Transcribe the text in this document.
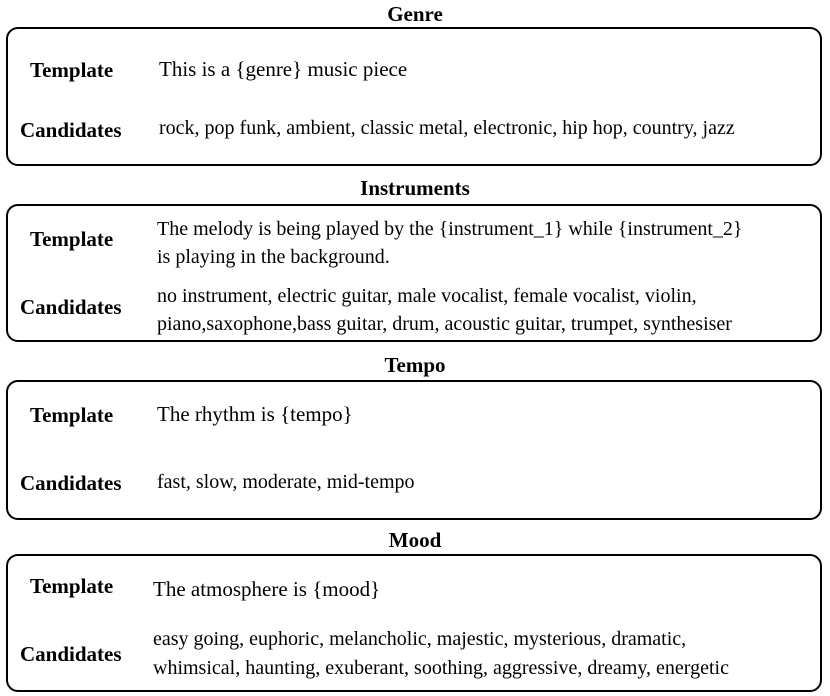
Genre
Template This is a {genre} music piece
Candidates rock, pop funk, ambient, classic metal, electronic, hip hop, country, jazz
Instruments
Template The melody is being played by the {instrument_1} while {instrument_2}
is playing in the background.
Candidates no instrument, electric guitar, male vocalist, female vocalist, violin,
piano,saxophone,bass guitar, drum, acoustic guitar, trumpet, synthesiser
Tempo
Template The rhythm is {tempo}
Candidates fast, slow, moderate, mid-tempo
Mood
Template The atmosphere is {mood}
Candidates
easy going, euphoric, melancholic, majestic, mysterious, dramatic,
whimsical, haunting, exuberant, soothing, aggressive, dreamy, energetic
